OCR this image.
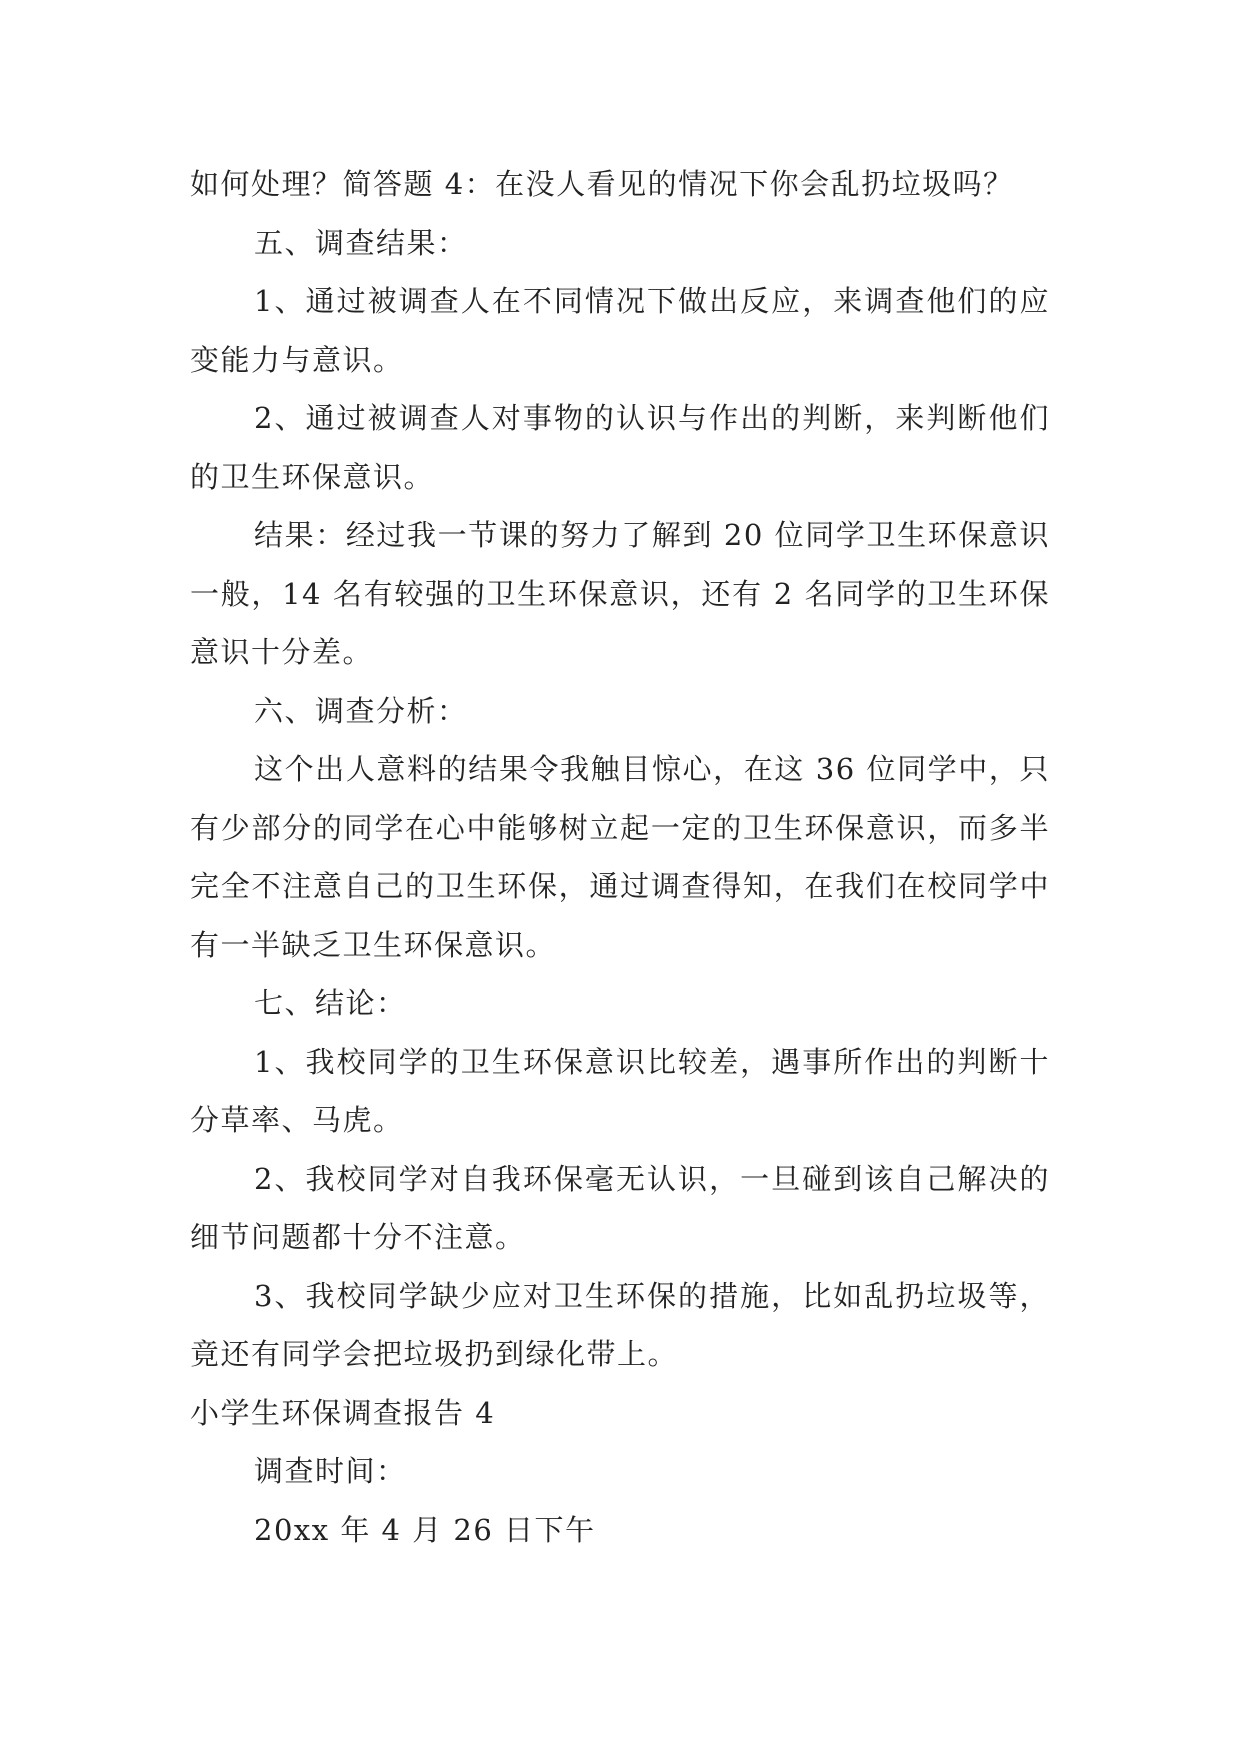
如何处理？简答题 4：在没人看见的情况下你会乱扔垃圾吗？

五、调查结果：

1、通过被调查人在不同情况下做出反应，来调查他们的应变能力与意识。

2、通过被调查人对事物的认识与作出的判断，来判断他们的卫生环保意识。

结果：经过我一节课的努力了解到 20 位同学卫生环保意识一般，14 名有较强的卫生环保意识，还有 2 名同学的卫生环保意识十分差。

六、调查分析：

这个出人意料的结果令我触目惊心，在这 36 位同学中，只有少部分的同学在心中能够树立起一定的卫生环保意识，而多半完全不注意自己的卫生环保，通过调查得知，在我们在校同学中有一半缺乏卫生环保意识。

七、结论：

1、我校同学的卫生环保意识比较差，遇事所作出的判断十分草率、马虎。

2、我校同学对自我环保毫无认识，一旦碰到该自己解决的细节问题都十分不注意。

3、我校同学缺少应对卫生环保的措施，比如乱扔垃圾等，竟还有同学会把垃圾扔到绿化带上。

小学生环保调查报告 4

调查时间：

20xx 年 4 月 26 日下午
